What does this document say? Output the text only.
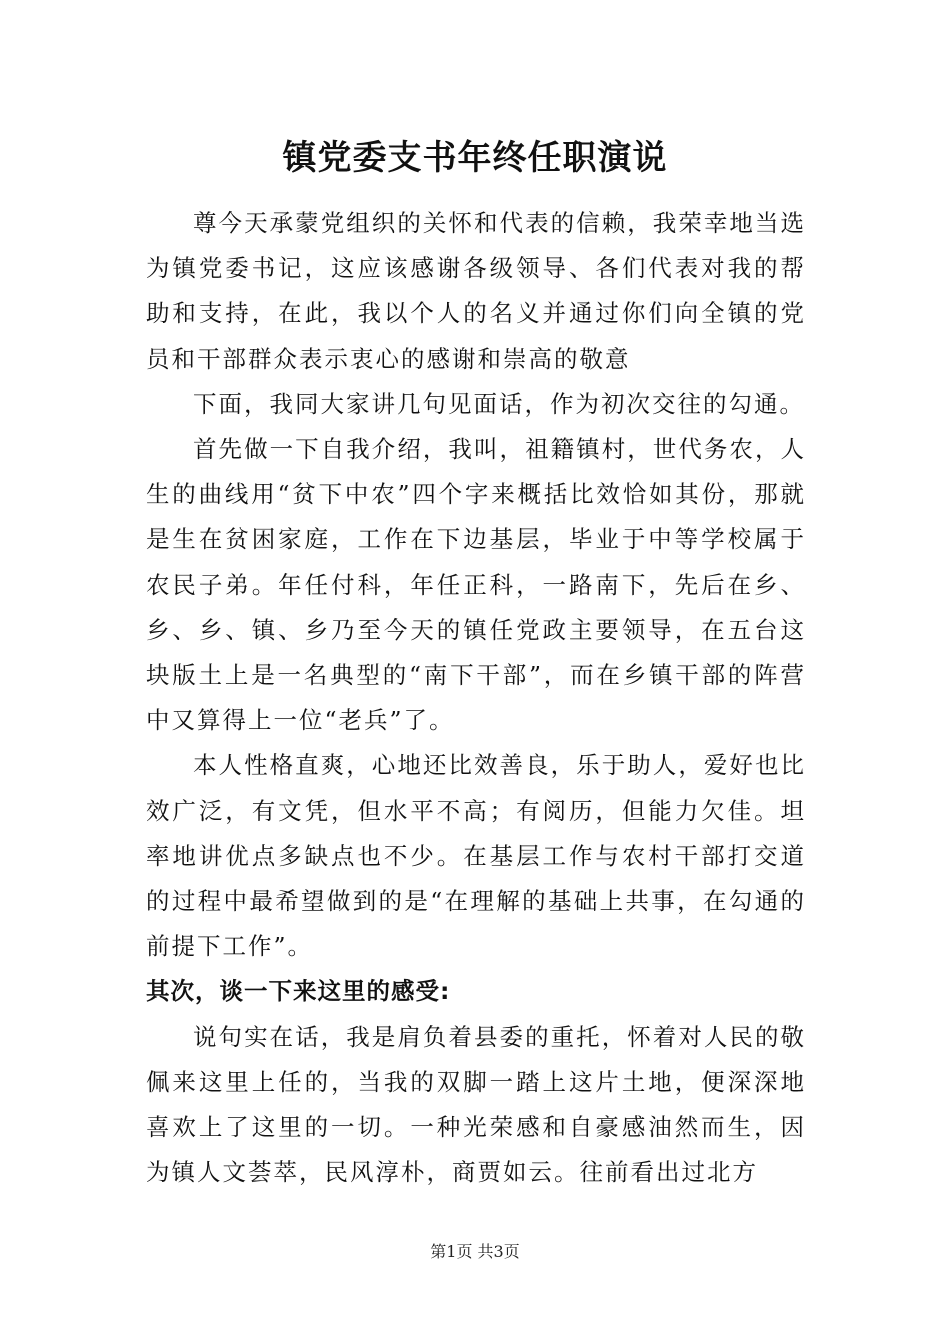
镇党委支书年终任职演说

尊今天承蒙党组织的关怀和代表的信赖，我荣幸地当选为镇党委书记，这应该感谢各级领导、各们代表对我的帮助和支持，在此，我以个人的名义并通过你们向全镇的党员和干部群众表示衷心的感谢和崇高的敬意

下面，我同大家讲几句见面话，作为初次交往的勾通。

首先做一下自我介绍，我叫，祖籍镇村，世代务农，人生的曲线用“贫下中农”四个字来概括比效恰如其份，那就是生在贫困家庭，工作在下边基层，毕业于中等学校属于农民子弟。年任付科，年任正科，一路南下，先后在乡、乡、乡、镇、乡乃至今天的镇任党政主要领导，在五台这块版土上是一名典型的“南下干部”，而在乡镇干部的阵营中又算得上一位“老兵”了。

本人性格直爽，心地还比效善良，乐于助人，爱好也比效广泛，有文凭，但水平不高；有阅历，但能力欠佳。坦率地讲优点多缺点也不少。在基层工作与农村干部打交道的过程中最希望做到的是“在理解的基础上共事，在勾通的前提下工作”。

其次，谈一下来这里的感受:

说句实在话，我是肩负着县委的重托，怀着对人民的敬佩来这里上任的，当我的双脚一踏上这片土地，便深深地喜欢上了这里的一切。一种光荣感和自豪感油然而生，因为镇人文荟萃，民风淳朴，商贾如云。往前看出过北方

第1页 共3页
